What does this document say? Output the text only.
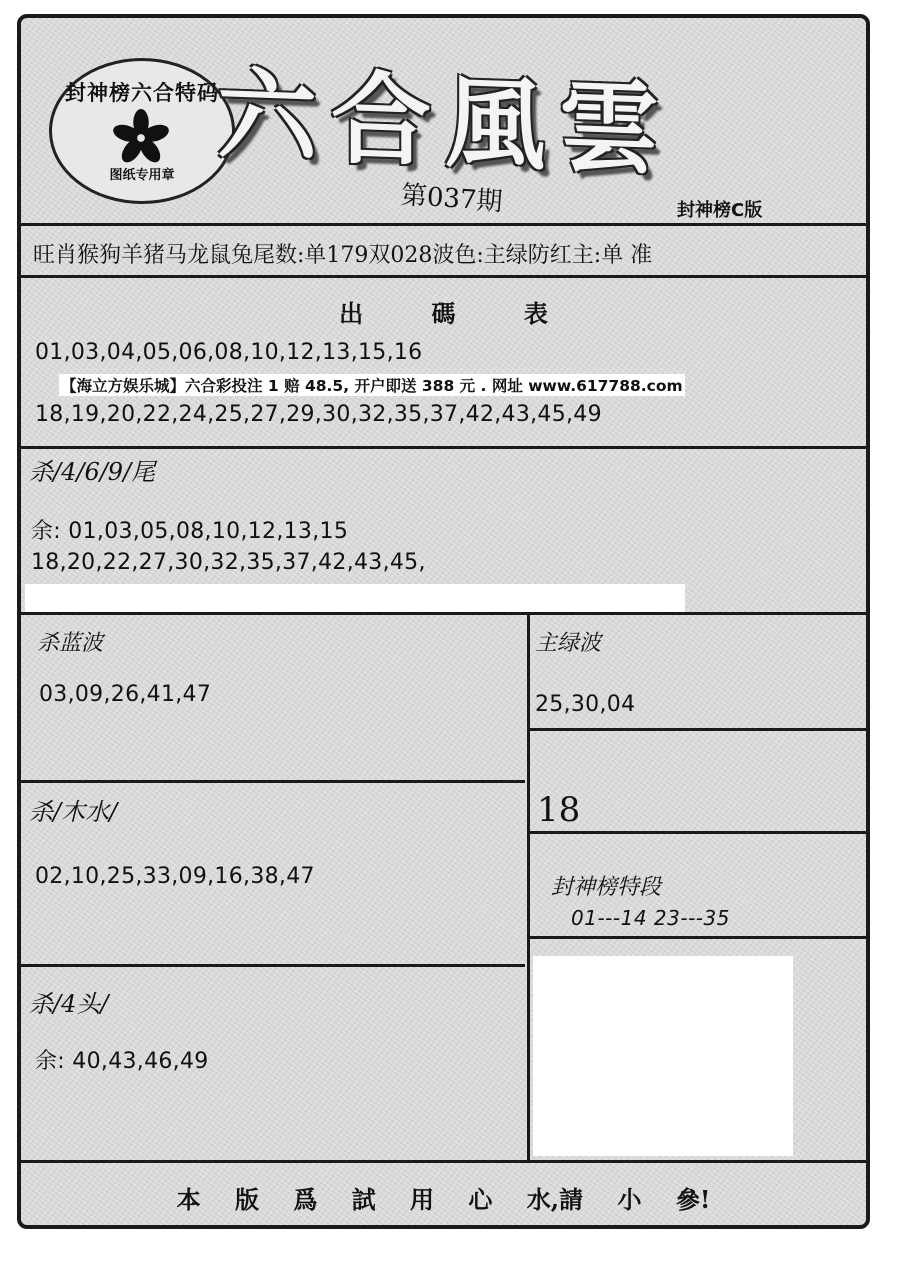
封神榜六合特码
图纸专用章 六合風雲
第037期	封神榜C版
旺肖猴狗羊猪马龙鼠兔尾数:单179双028波色:主绿防红主:单 准
出 碼 表
01,03,04,05,06,08,10,12,13,15,16
【海立方娱乐城】六合彩投注 1 赔 48.5, 开户即送 388 元 . 网址 www.617788.com
18,19,20,22,24,25,27,29,30,32,35,37,42,43,45,49
杀/4/6/9/尾
余: 01,03,05,08,10,12,13,15
18,20,22,27,30,32,35,37,42,43,45,
杀蓝波
03,09,26,41,47
主绿波
25,30,04
杀/木水/
02,10,25,33,09,16,38,47
18
封神榜特段
01---14 23---35
杀/4头/
余: 40,43,46,49
本 版 爲 試 用 心 水,請 小 參!
